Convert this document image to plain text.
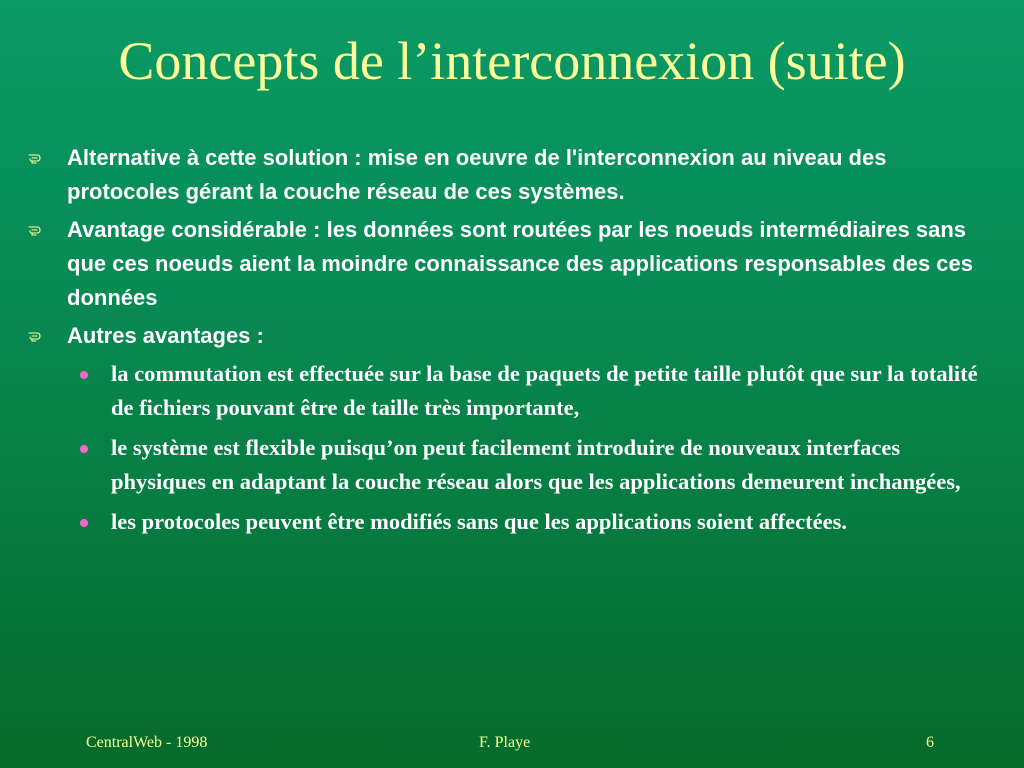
Concepts de l’interconnexion (suite)
Alternative à cette solution : mise en oeuvre de l'interconnexion au niveau des protocoles gérant la couche réseau de ces systèmes.
Avantage considérable : les données sont routées par les noeuds intermédiaires sans que ces noeuds aient la moindre connaissance des applications responsables des ces données
Autres avantages :
la commutation est effectuée sur la base de paquets de petite taille plutôt que sur la totalité de fichiers pouvant être de taille très importante,
le système est flexible puisqu’on peut facilement introduire de nouveaux interfaces physiques en adaptant la couche réseau alors que les applications demeurent inchangées,
les protocoles peuvent être modifiés sans que les applications soient affectées.
CentralWeb - 1998	F. Playe	6
